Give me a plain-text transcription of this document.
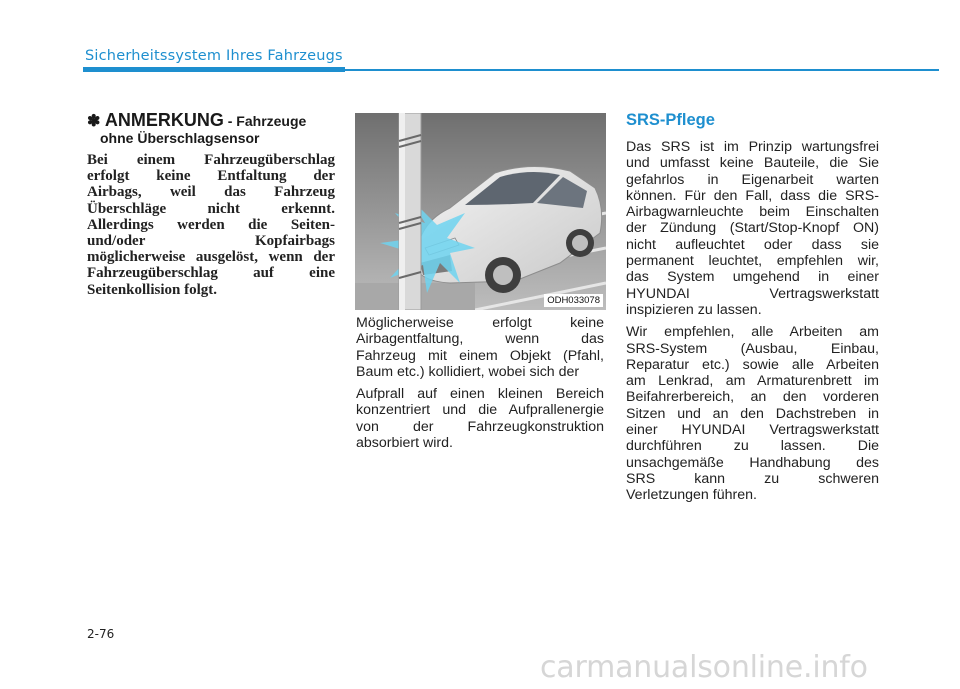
Sicherheitssystem Ihres Fahrzeugs
✽ ANMERKUNG - Fahrzeuge
ohne Überschlagsensor
Bei einem Fahrzeugüberschlag
erfolgt keine Entfaltung der
Airbags, weil das Fahrzeug
Überschläge nicht erkennt.
Allerdings werden die Seiten-
und/oder Kopfairbags
möglicherweise ausgelöst, wenn der
Fahrzeugüberschlag auf eine
Seitenkollision folgt.
ODH033078

Möglicherweise erfolgt keine
Airbagentfaltung, wenn das
Fahrzeug mit einem Objekt (Pfahl,
Baum etc.) kollidiert, wobei sich der

Aufprall auf einen kleinen Bereich
konzentriert und die Aufprallenergie
von der Fahrzeugkonstruktion
absorbiert wird.

SRS-Pflege

Das SRS ist im Prinzip wartungsfrei
und umfasst keine Bauteile, die Sie
gefahrlos in Eigenarbeit warten
können. Für den Fall, dass die SRS-
Airbagwarnleuchte beim Einschalten
der Zündung (Start/Stop-Knopf ON)
nicht aufleuchtet oder dass sie
permanent leuchtet, empfehlen wir,
das System umgehend in einer
HYUNDAI Vertragswerkstatt
inspizieren zu lassen.

Wir empfehlen, alle Arbeiten am
SRS-System (Ausbau, Einbau,
Reparatur etc.) sowie alle Arbeiten
am Lenkrad, am Armaturenbrett im
Beifahrerbereich, an den vorderen
Sitzen und an den Dachstreben in
einer HYUNDAI Vertragswerkstatt
durchführen zu lassen. Die
unsachgemäße Handhabung des
SRS kann zu schweren
Verletzungen führen.

2-76
carmanualsonline.info
